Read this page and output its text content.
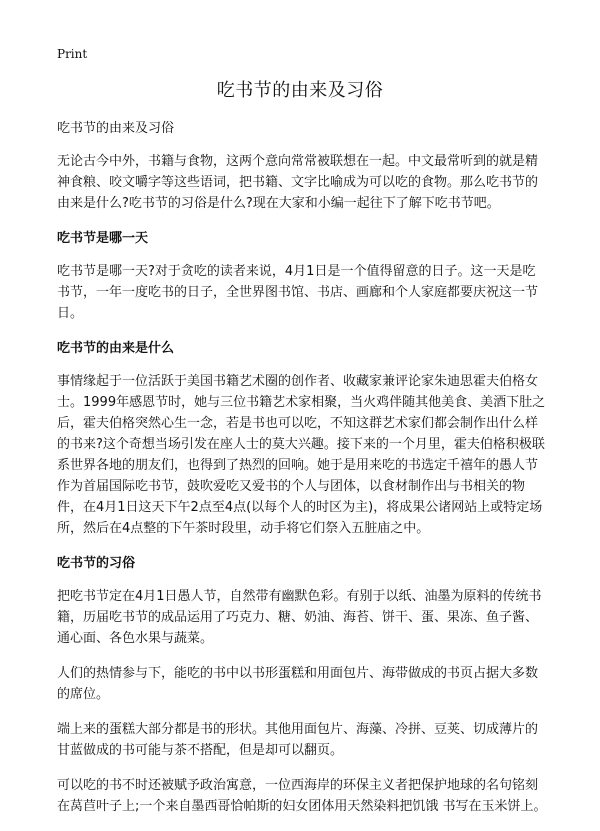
Print
吃书节的由来及习俗

吃书节的由来及习俗

无论古今中外，书籍与食物，这两个意向常常被联想在一起。中文最常听到的就是精神食粮、咬文嚼字等这些语词，把书籍、文字比喻成为可以吃的食物。那么吃书节的由来是什么?吃书节的习俗是什么?现在大家和小编一起往下了解下吃书节吧。

吃书节是哪一天

吃书节是哪一天?对于贪吃的读者来说，4月1日是一个值得留意的日子。这一天是吃书节，一年一度吃书的日子，全世界图书馆、书店、画廊和个人家庭都要庆祝这一节日。

吃书节的由来是什么

事情缘起于一位活跃于美国书籍艺术圈的创作者、收藏家兼评论家朱迪思霍夫伯格女士。1999年感恩节时，她与三位书籍艺术家相聚，当火鸡伴随其他美食、美酒下肚之后，霍夫伯格突然心生一念，若是书也可以吃，不知这群艺术家们都会制作出什么样的书来?这个奇想当场引发在座人士的莫大兴趣。接下来的一个月里，霍夫伯格积极联系世界各地的朋友们，也得到了热烈的回响。她于是用来吃的书选定千禧年的愚人节作为首届国际吃书节，鼓吹爱吃又爱书的个人与团体，以食材制作出与书相关的物件，在4月1日这天下午2点至4点(以每个人的时区为主)，将成果公诸网站上或特定场所，然后在4点整的下午茶时段里，动手将它们祭入五脏庙之中。

吃书节的习俗

把吃书节定在4月1日愚人节，自然带有幽默色彩。有别于以纸、油墨为原料的传统书籍，历届吃书节的成品运用了巧克力、糖、奶油、海苔、饼干、蛋、果冻、鱼子酱、通心面、各色水果与蔬菜。

人们的热情参与下，能吃的书中以书形蛋糕和用面包片、海带做成的书页占据大多数的席位。

端上来的蛋糕大部分都是书的形状。其他用面包片、海藻、冷拼、豆荚、切成薄片的甘蓝做成的书可能与茶不搭配，但是却可以翻页。

可以吃的书不时还被赋予政治寓意，一位西海岸的环保主义者把保护地球的名句铭刻在莴苣叶子上;一个来自墨西哥恰帕斯的妇女团体用天然染料把饥饿 书写在玉米饼上。
